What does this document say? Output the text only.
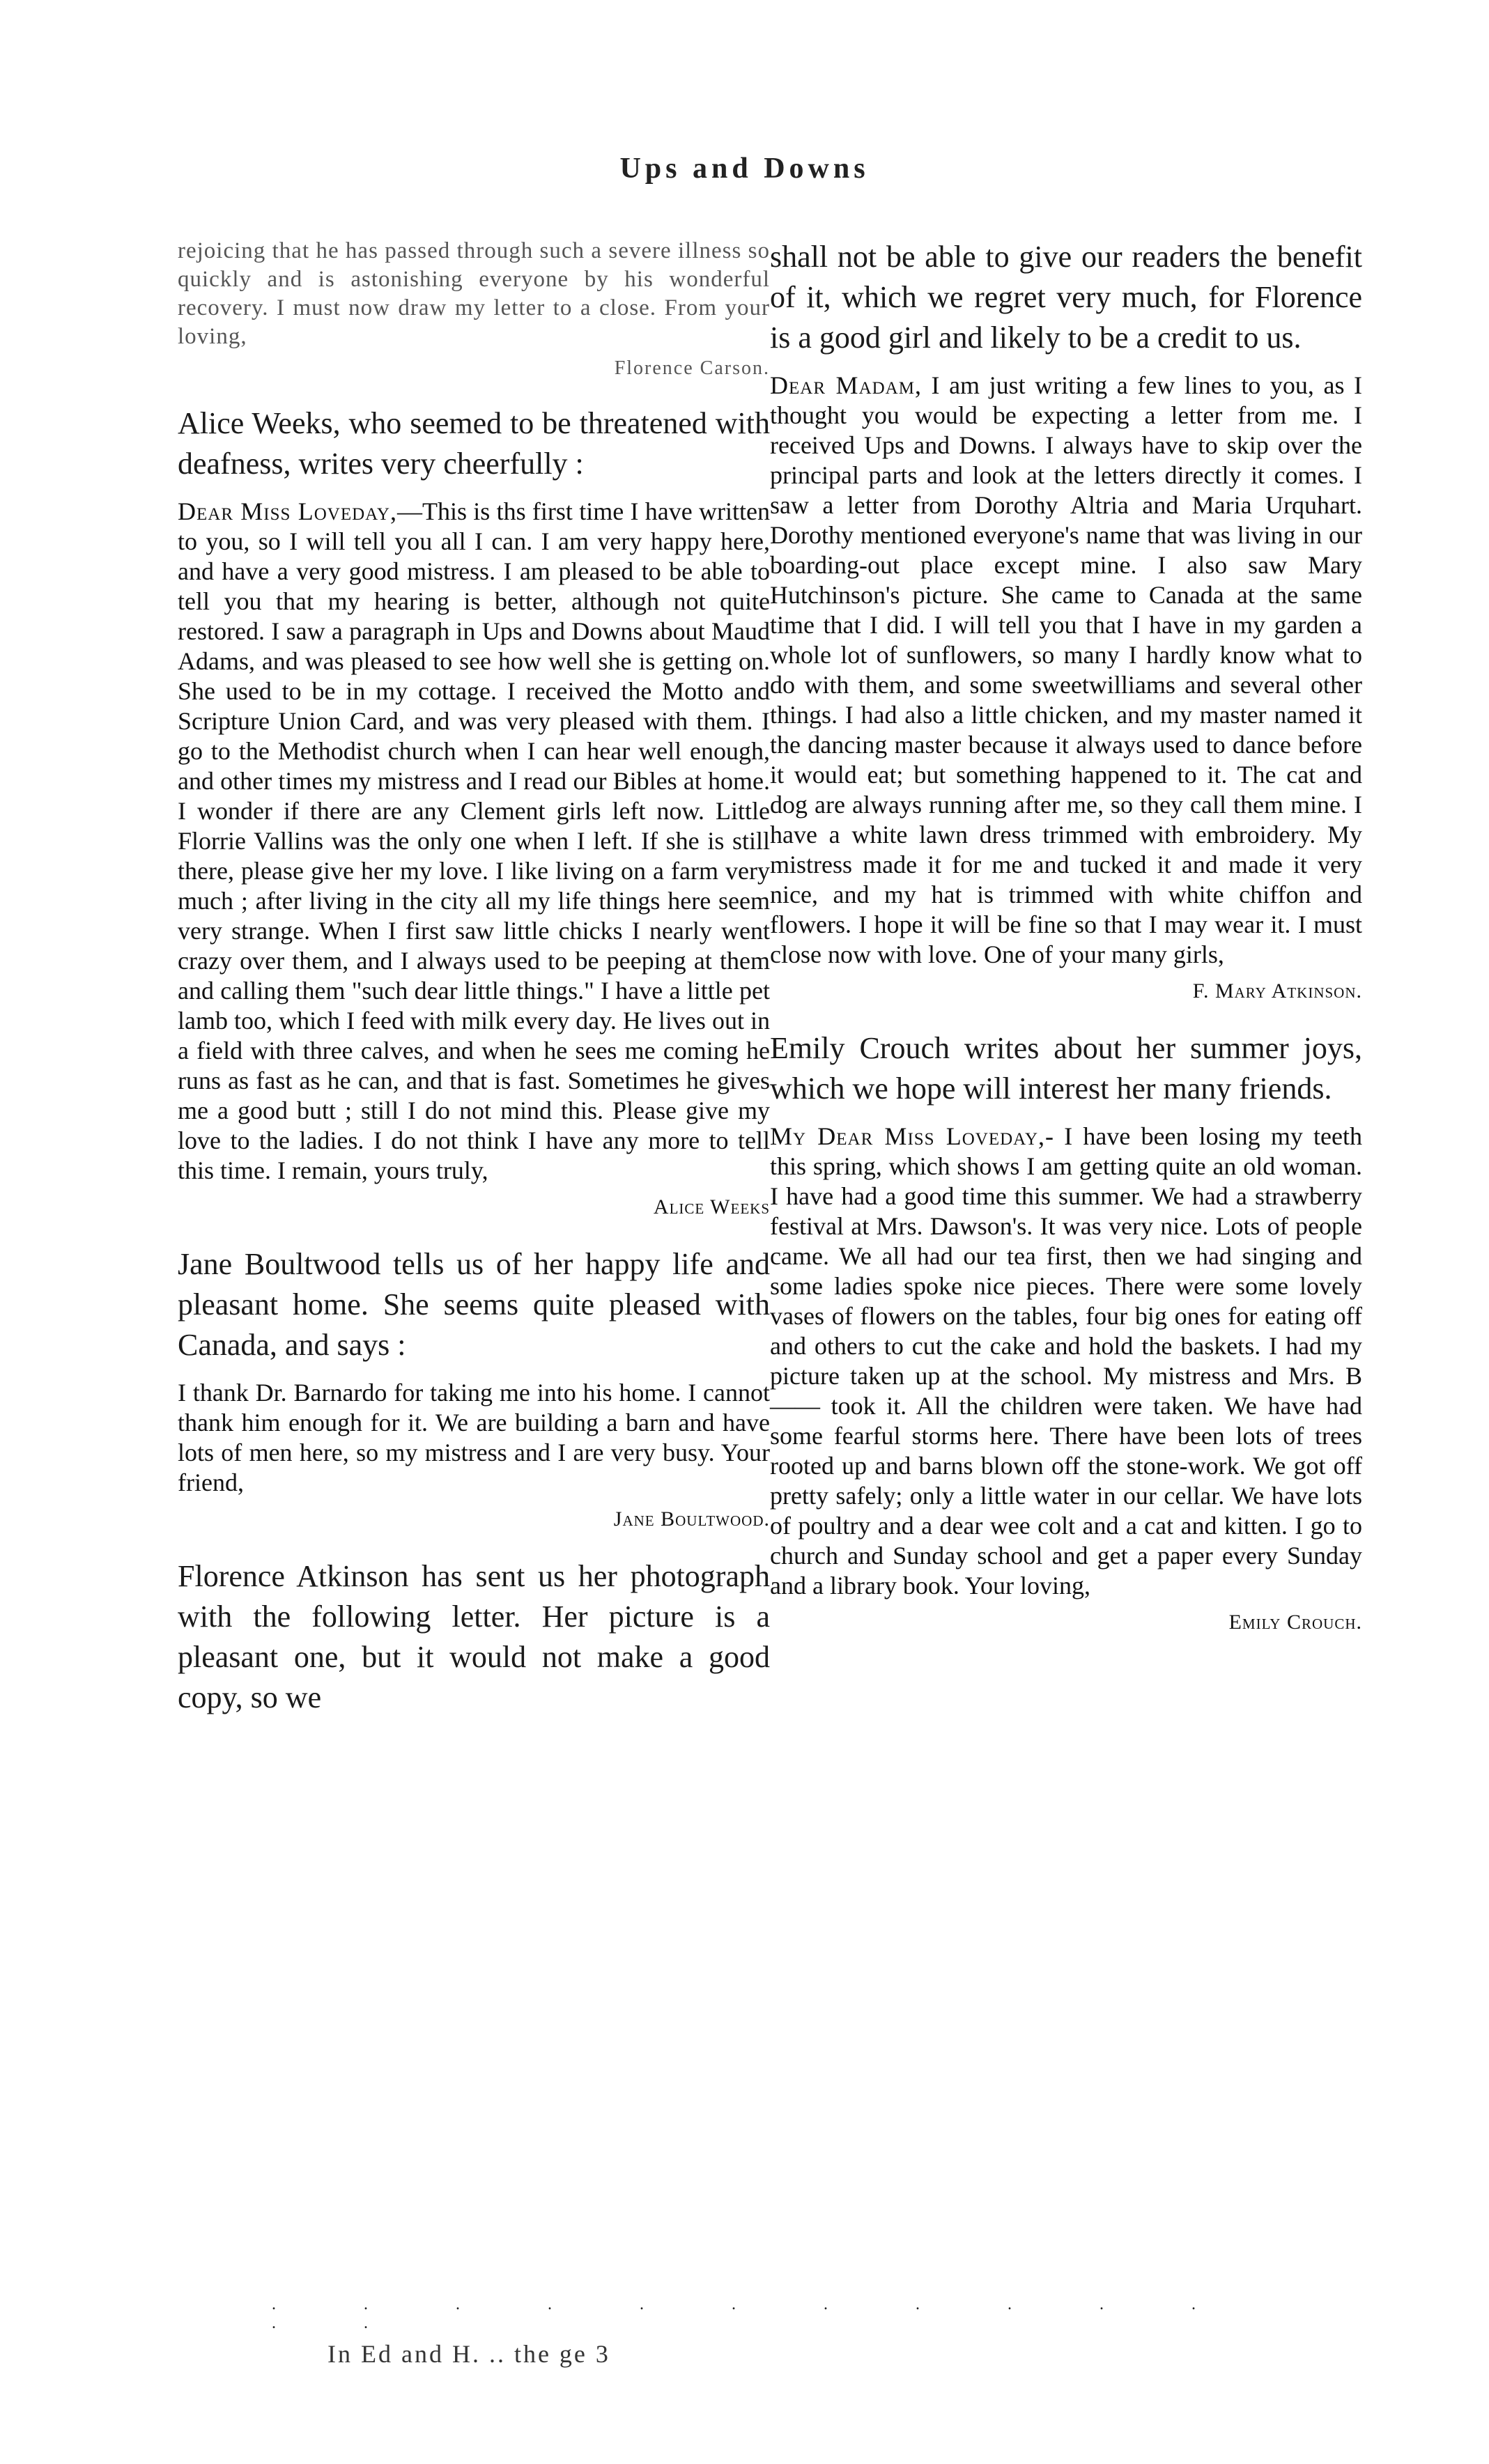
Ups and Downs

rejoicing that he has passed through such a severe illness so quickly and is astonishing everyone by his wonderful recovery. I must now draw my letter to a close. From your loving,
Florence Carson.

Alice Weeks, who seemed to be threatened with deafness, writes very cheerfully :

Dear Miss Loveday,—This is ths first time I have written to you, so I will tell you all I can. I am very happy here, and have a very good mistress. I am pleased to be able to tell you that my hearing is better, although not quite restored. I saw a paragraph in Ups and Downs about Maud Adams, and was pleased to see how well she is getting on. She used to be in my cottage. I received the Motto and Scripture Union Card, and was very pleased with them. I go to the Methodist church when I can hear well enough, and other times my mistress and I read our Bibles at home. I wonder if there are any Clement girls left now. Little Florrie Vallins was the only one when I left. If she is still there, please give her my love. I like living on a farm very much ; after living in the city all my life things here seem very strange. When I first saw little chicks I nearly went crazy over them, and I always used to be peeping at them and calling them "such dear little things." I have a little pet lamb too, which I feed with milk every day. He lives out in a field with three calves, and when he sees me coming he runs as fast as he can, and that is fast. Sometimes he gives me a good butt ; still I do not mind this. Please give my love to the ladies. I do not think I have any more to tell this time. I remain, yours truly,

Alice Weeks

Jane Boultwood tells us of her happy life and pleasant home. She seems quite pleased with Canada, and says :

I thank Dr. Barnardo for taking me into his home. I cannot thank him enough for it. We are building a barn and have lots of men here, so my mistress and I are very busy. Your friend,

Jane Boultwood.

Florence Atkinson has sent us her photograph with the following letter. Her picture is a pleasant one, but it would not make a good copy, so we

shall not be able to give our readers the benefit of it, which we regret very much, for Florence is a good girl and likely to be a credit to us.

Dear Madam, I am just writing a few lines to you, as I thought you would be expecting a letter from me. I received Ups and Downs. I always have to skip over the principal parts and look at the letters directly it comes. I saw a letter from Dorothy Altria and Maria Urquhart. Dorothy mentioned everyone's name that was living in our boarding-out place except mine. I also saw Mary Hutchinson's picture. She came to Canada at the same time that I did. I will tell you that I have in my garden a whole lot of sunflowers, so many I hardly know what to do with them, and some sweetwilliams and several other things. I had also a little chicken, and my master named it the dancing master because it always used to dance before it would eat; but something happened to it. The cat and dog are always running after me, so they call them mine. I have a white lawn dress trimmed with embroidery. My mistress made it for me and tucked it and made it very nice, and my hat is trimmed with white chiffon and flowers. I hope it will be fine so that I may wear it. I must close now with love. One of your many girls,

F. Mary Atkinson.

Emily Crouch writes about her summer joys, which we hope will interest her many friends.

My Dear Miss Loveday,- I have been losing my teeth this spring, which shows I am getting quite an old woman. I have had a good time this summer. We had a strawberry festival at Mrs. Dawson's. It was very nice. Lots of people came. We all had our tea first, then we had singing and some ladies spoke nice pieces. There were some lovely vases of flowers on the tables, four big ones for eating off and others to cut the cake and hold the baskets. I had my picture taken up at the school. My mistress and Mrs. B—— took it. All the children were taken. We have had some fearful storms here. There have been lots of trees rooted up and barns blown off the stone-work. We got off pretty safely; only a little water in our cellar. We have lots of poultry and a dear wee colt and a cat and kitten. I go to church and Sunday school and get a paper every Sunday and a library book. Your loving,

Emily Crouch.
. . . . . . . . . . . . .
In Ed and H. .. the ge 3
